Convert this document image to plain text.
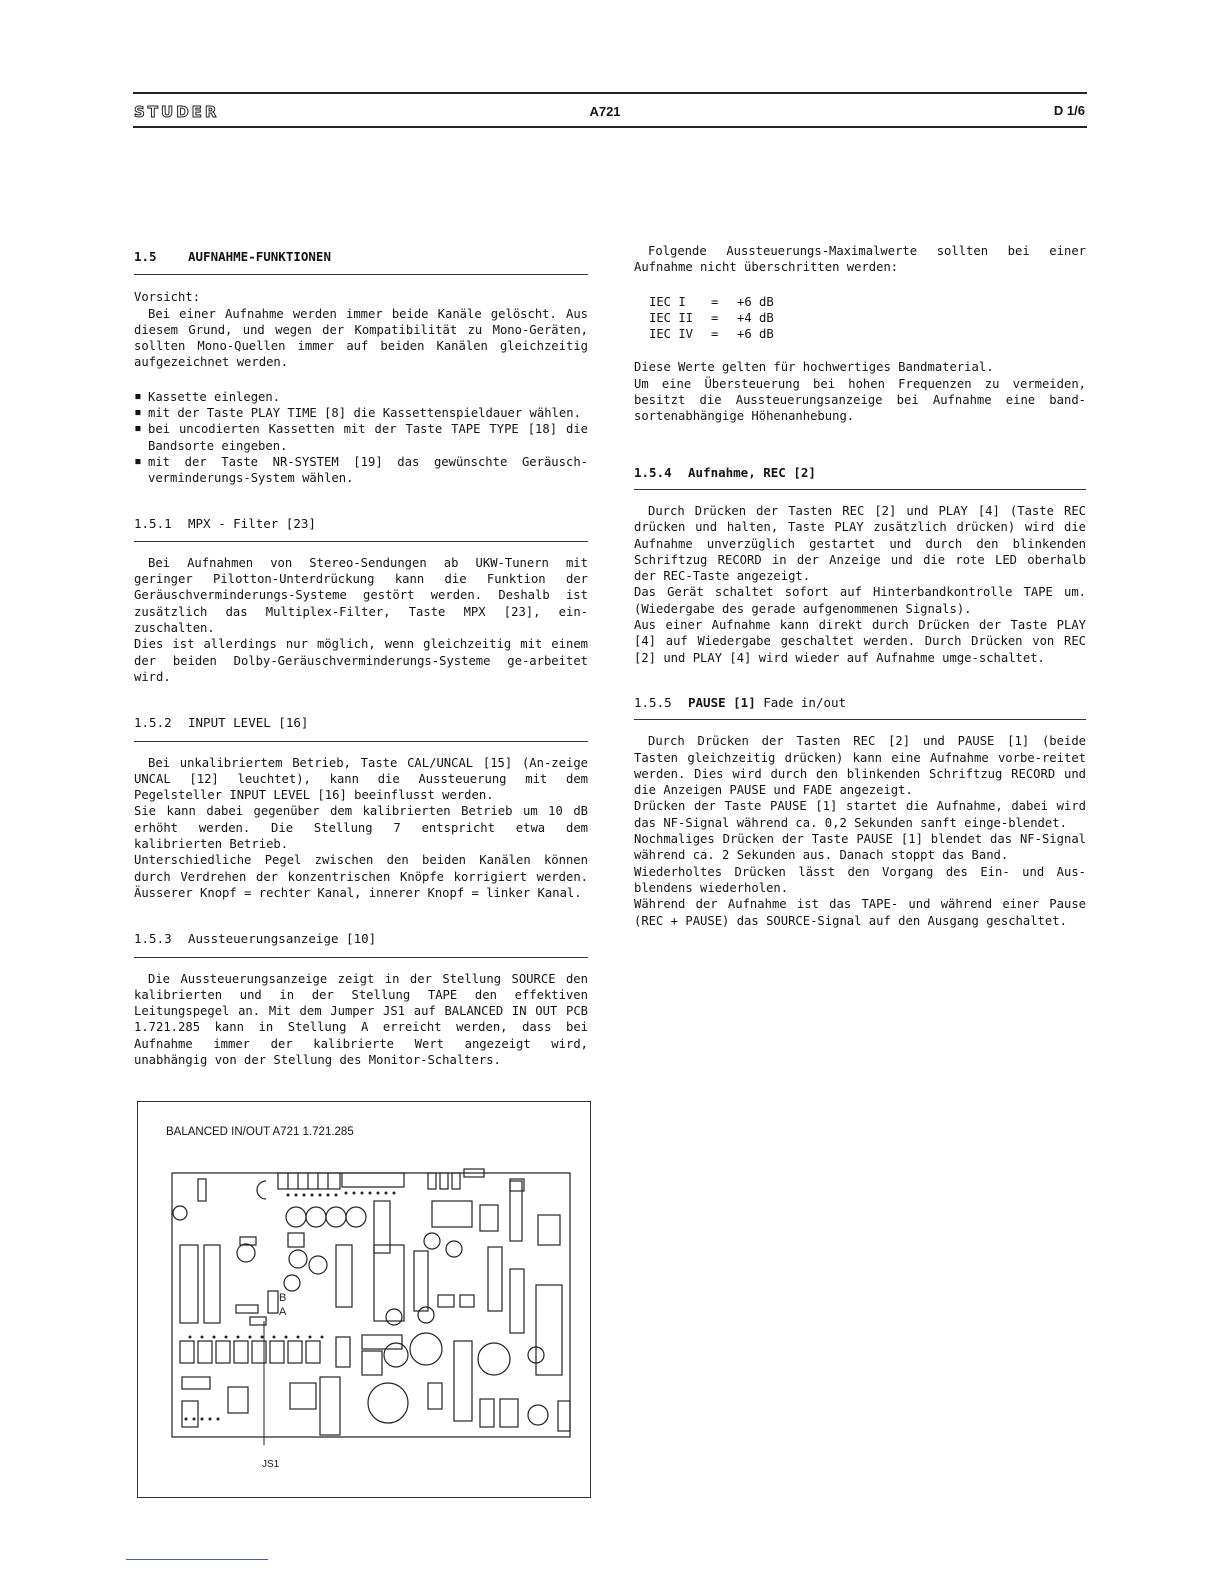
STUDER	A721	D 1/6
1.5	AUFNAHME-FUNKTIONEN

Vorsicht:

Bei einer Aufnahme werden immer beide Kanäle gelöscht. Aus diesem Grund, und wegen der Kompatibilität zu Mono-Geräten, sollten Mono-Quellen immer auf beiden Kanälen gleichzeitig aufgezeichnet werden.

▪ Kassette einlegen.
▪ mit der Taste PLAY TIME [8] die Kassettenspieldauer wählen.
▪ bei uncodierten Kassetten mit der Taste TAPE TYPE [18] die Bandsorte eingeben.
▪ mit der Taste NR-SYSTEM [19] das gewünschte Geräusch-verminderungs-System wählen.
1.5.1 MPX - Filter [23]

Bei Aufnahmen von Stereo-Sendungen ab UKW-Tunern mit geringer Pilotton-Unterdrückung kann die Funktion der Geräuschverminderungs-Systeme gestört werden. Deshalb ist zusätzlich das Multiplex-Filter, Taste MPX [23], ein-zuschalten.

Dies ist allerdings nur möglich, wenn gleichzeitig mit einem der beiden Dolby-Geräuschverminderungs-Systeme ge-arbeitet wird.

1.5.2 INPUT LEVEL [16]

Bei unkalibriertem Betrieb, Taste CAL/UNCAL [15] (An-zeige UNCAL [12] leuchtet), kann die Aussteuerung mit dem Pegelsteller INPUT LEVEL [16] beeinflusst werden.

Sie kann dabei gegenüber dem kalibrierten Betrieb um 10 dB erhöht werden. Die Stellung 7 entspricht etwa dem kalibrierten Betrieb.

Unterschiedliche Pegel zwischen den beiden Kanälen können durch Verdrehen der konzentrischen Knöpfe korrigiert werden. Äusserer Knopf = rechter Kanal, innerer Knopf = linker Kanal.

1.5.3 Aussteuerungsanzeige [10]

Die Aussteuerungsanzeige zeigt in der Stellung SOURCE den kalibrierten und in der Stellung TAPE den effektiven Leitungspegel an. Mit dem Jumper JS1 auf BALANCED IN OUT PCB 1.721.285 kann in Stellung A erreicht werden, dass bei Aufnahme immer der kalibrierte Wert angezeigt wird, unabhängig von der Stellung des Monitor-Schalters.

BALANCED IN/OUT A721 1.721.285
B
A
JS1

Folgende Aussteuerungs-Maximalwerte sollten bei einer Aufnahme nicht überschritten werden:

IEC I	=	+6 dB
IEC II	=	+4 dB
IEC IV	=	+6 dB

Diese Werte gelten für hochwertiges Bandmaterial.

Um eine Übersteuerung bei hohen Frequenzen zu vermeiden, besitzt die Aussteuerungsanzeige bei Aufnahme eine band-sortenabhängige Höhenanhebung.

1.5.4 Aufnahme, REC [2]

Durch Drücken der Tasten REC [2] und PLAY [4] (Taste REC drücken und halten, Taste PLAY zusätzlich drücken) wird die Aufnahme unverzüglich gestartet und durch den blinkenden Schriftzug RECORD in der Anzeige und die rote LED oberhalb der REC-Taste angezeigt.

Das Gerät schaltet sofort auf Hinterbandkontrolle TAPE um. (Wiedergabe des gerade aufgenommenen Signals).

Aus einer Aufnahme kann direkt durch Drücken der Taste PLAY [4] auf Wiedergabe geschaltet werden. Durch Drücken von REC [2] und PLAY [4] wird wieder auf Aufnahme umge-schaltet.

1.5.5 PAUSE [1] Fade in/out

Durch Drücken der Tasten REC [2] und PAUSE [1] (beide Tasten gleichzeitig drücken) kann eine Aufnahme vorbe-reitet werden. Dies wird durch den blinkenden Schriftzug RECORD und die Anzeigen PAUSE und FADE angezeigt.

Drücken der Taste PAUSE [1] startet die Aufnahme, dabei wird das NF-Signal während ca. 0,2 Sekunden sanft einge-blendet.

Nochmaliges Drücken der Taste PAUSE [1] blendet das NF-Signal während ca. 2 Sekunden aus. Danach stoppt das Band.

Wiederholtes Drücken lässt den Vorgang des Ein- und Aus-blendens wiederholen.

Während der Aufnahme ist das TAPE- und während einer Pause (REC + PAUSE) das SOURCE-Signal auf den Ausgang geschaltet.
